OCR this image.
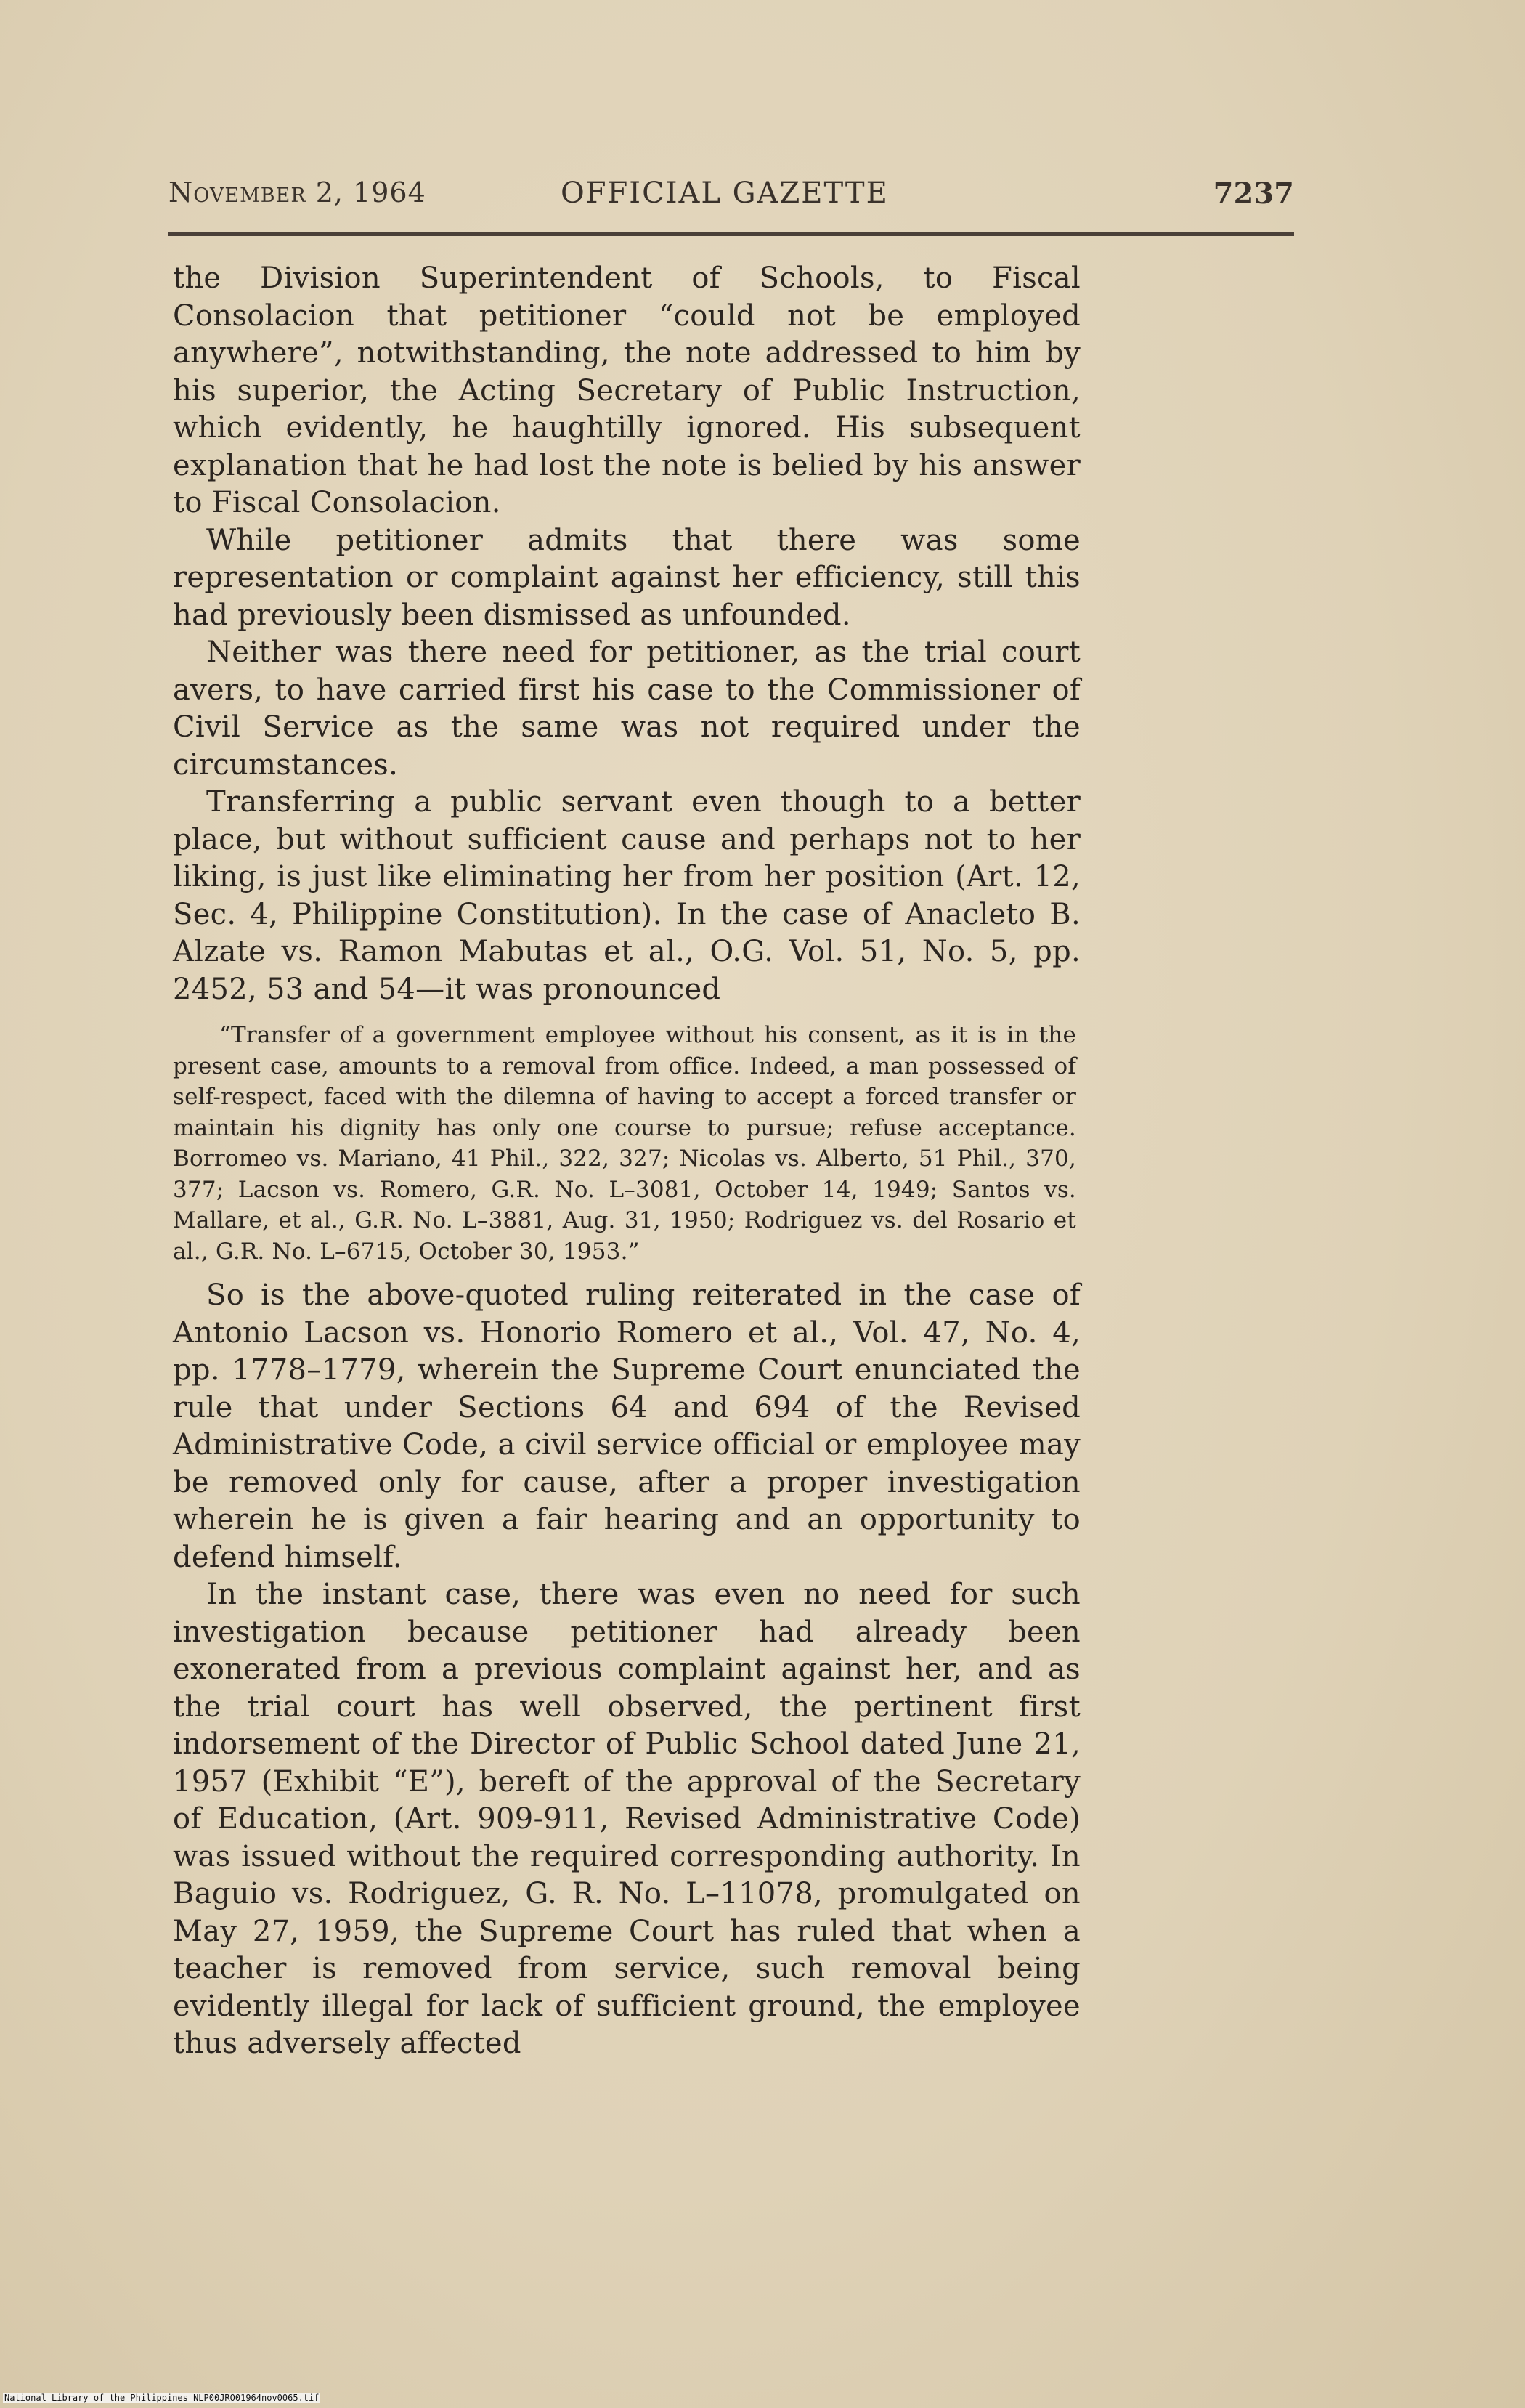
November 2, 1964	OFFICIAL GAZETTE	7237

the Division Superintendent of Schools, to Fiscal Consolacion that petitioner “could not be employed anywhere”, notwithstanding, the note addressed to him by his superior, the Acting Secretary of Public Instruction, which evidently, he haughtilly ignored. His subsequent explanation that he had lost the note is belied by his answer to Fiscal Consolacion.

While petitioner admits that there was some representation or complaint against her efficiency, still this had previously been dismissed as unfounded.

Neither was there need for petitioner, as the trial court avers, to have carried first his case to the Commissioner of Civil Service as the same was not required under the circumstances.

Transferring a public servant even though to a better place, but without sufficient cause and perhaps not to her liking, is just like eliminating her from her position (Art. 12, Sec. 4, Philippine Constitution). In the case of Anacleto B. Alzate vs. Ramon Mabutas et al., O.G. Vol. 51, No. 5, pp. 2452, 53 and 54—it was pronounced

“Transfer of a government employee without his consent, as it is in the present case, amounts to a removal from office. Indeed, a man possessed of self-respect, faced with the dilemna of having to accept a forced transfer or maintain his dignity has only one course to pursue; refuse acceptance. Borromeo vs. Mariano, 41 Phil., 322, 327; Nicolas vs. Alberto, 51 Phil., 370, 377; Lacson vs. Romero, G.R. No. L–3081, October 14, 1949; Santos vs. Mallare, et al., G.R. No. L–3881, Aug. 31, 1950; Rodriguez vs. del Rosario et al., G.R. No. L–6715, October 30, 1953.”

So is the above-quoted ruling reiterated in the case of Antonio Lacson vs. Honorio Romero et al., Vol. 47, No. 4, pp. 1778–1779, wherein the Supreme Court enunciated the rule that under Sections 64 and 694 of the Revised Administrative Code, a civil service official or employee may be removed only for cause, after a proper investigation wherein he is given a fair hearing and an opportunity to defend himself.

In the instant case, there was even no need for such investigation because petitioner had already been exonerated from a previous complaint against her, and as the trial court has well observed, the pertinent first indorsement of the Director of Public School dated June 21, 1957 (Exhibit “E”), bereft of the approval of the Secretary of Education, (Art. 909-911, Revised Administrative Code) was issued without the required corresponding authority. In Baguio vs. Rodriguez, G. R. No. L–11078, promulgated on May 27, 1959, the Supreme Court has ruled that when a teacher is removed from service, such removal being evidently illegal for lack of sufficient ground, the employee thus adversely affected

National Library of the Philippines NLP00JRO01964nov0065.tif
